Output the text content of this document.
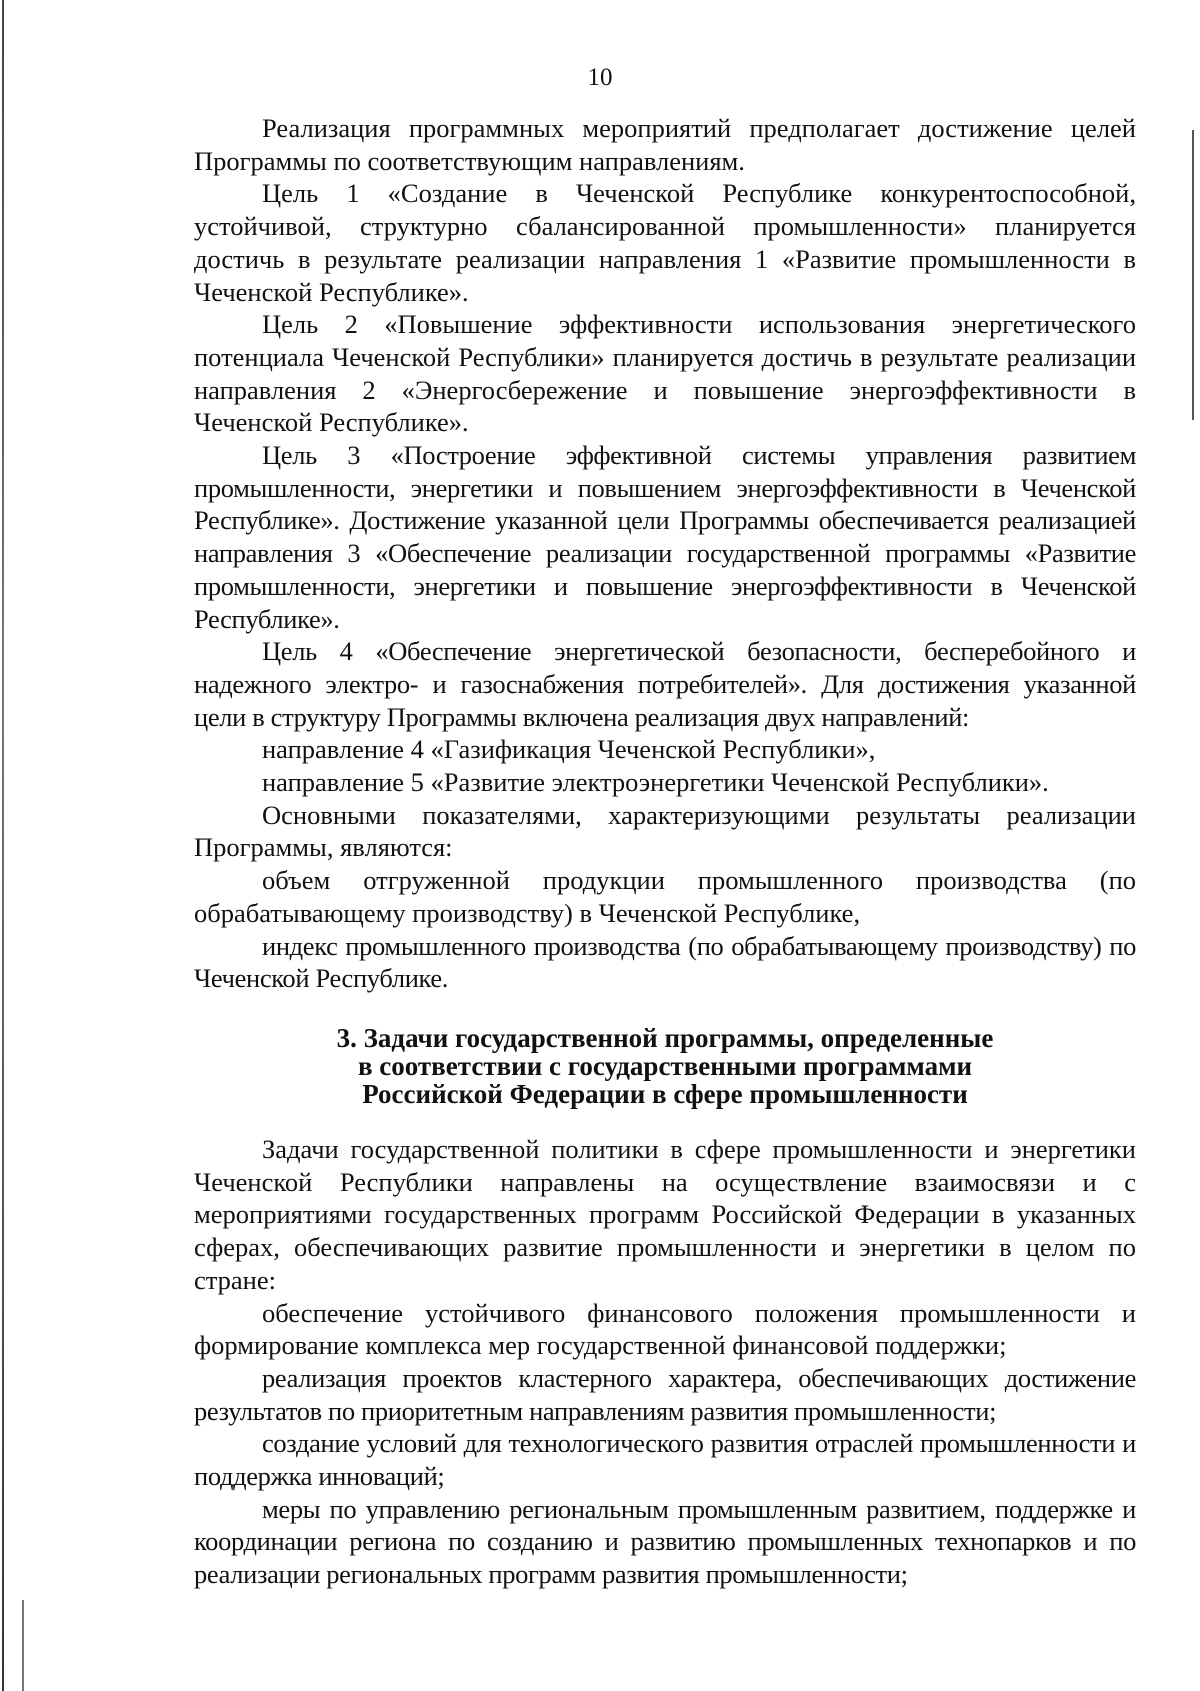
10

Реализация программных мероприятий предполагает достижение целей Программы по соответствующим направлениям.

Цель 1 «Создание в Чеченской Республике конкурентоспособной, устойчивой, структурно сбалансированной промышленности» планируется достичь в результате реализации направления 1 «Развитие промышленности в Чеченской Республике».

Цель 2 «Повышение эффективности использования энергетического потенциала Чеченской Республики» планируется достичь в результате реализации направления 2 «Энергосбережение и повышение энергоэффективности в Чеченской Республике».

Цель 3 «Построение эффективной системы управления развитием промышленности, энергетики и повышением энергоэффективности в Чеченской Республике». Достижение указанной цели Программы обеспечивается реализацией направления 3 «Обеспечение реализации государственной программы «Развитие промышленности, энергетики и повышение энергоэффективности в Чеченской Республике».

Цель 4 «Обеспечение энергетической безопасности, бесперебойного и надежного электро- и газоснабжения потребителей». Для достижения указанной цели в структуру Программы включена реализация двух направлений:

направление 4 «Газификация Чеченской Республики»,

направление 5 «Развитие электроэнергетики Чеченской Республики».

Основными показателями, характеризующими результаты реализации Программы, являются:

объем отгруженной продукции промышленного производства (по обрабатывающему производству) в Чеченской Республике,

индекс промышленного производства (по обрабатывающему производству) по Чеченской Республике.

3. Задачи государственной программы, определенные
в соответствии с государственными программами
Российской Федерации в сфере промышленности

Задачи государственной политики в сфере промышленности и энергетики Чеченской Республики направлены на осуществление взаимосвязи и с мероприятиями государственных программ Российской Федерации в указанных сферах, обеспечивающих развитие промышленности и энергетики в целом по стране:

обеспечение устойчивого финансового положения промышленности и формирование комплекса мер государственной финансовой поддержки;

реализация проектов кластерного характера, обеспечивающих достижение результатов по приоритетным направлениям развития промышленности;

создание условий для технологического развития отраслей промышленности и поддержка инноваций;

меры по управлению региональным промышленным развитием, поддержке и координации региона по созданию и развитию промышленных технопарков и по реализации региональных программ развития промышленности;
